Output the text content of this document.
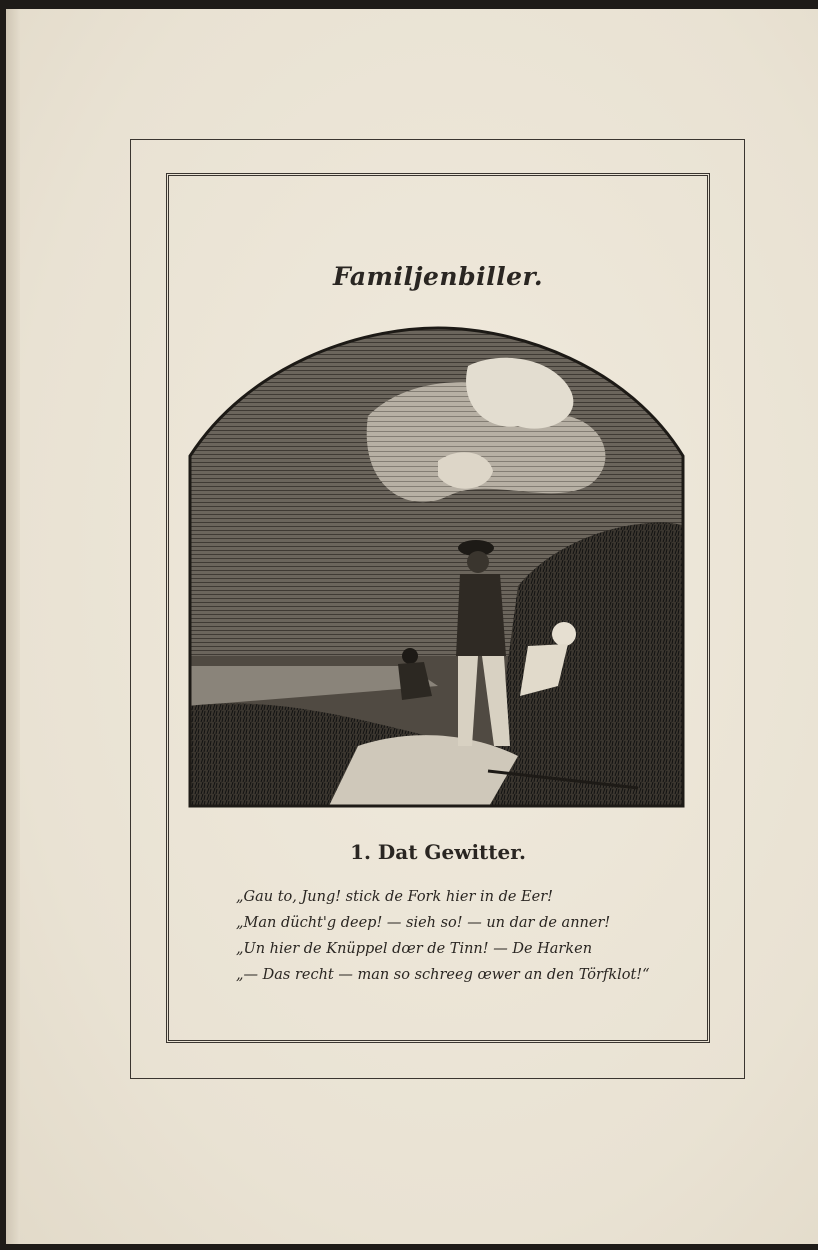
Familjenbiller.
1. Dat Gewitter.
„Gau to, Jung! stick de Fork hier in de Eer!
„Man dücht'g deep! — sieh so! — un dar de anner!
„Un hier de Knüppel dœr de Tinn! — De Harken
„— Das recht — man so schreeg œwer an den Törfklot!“
